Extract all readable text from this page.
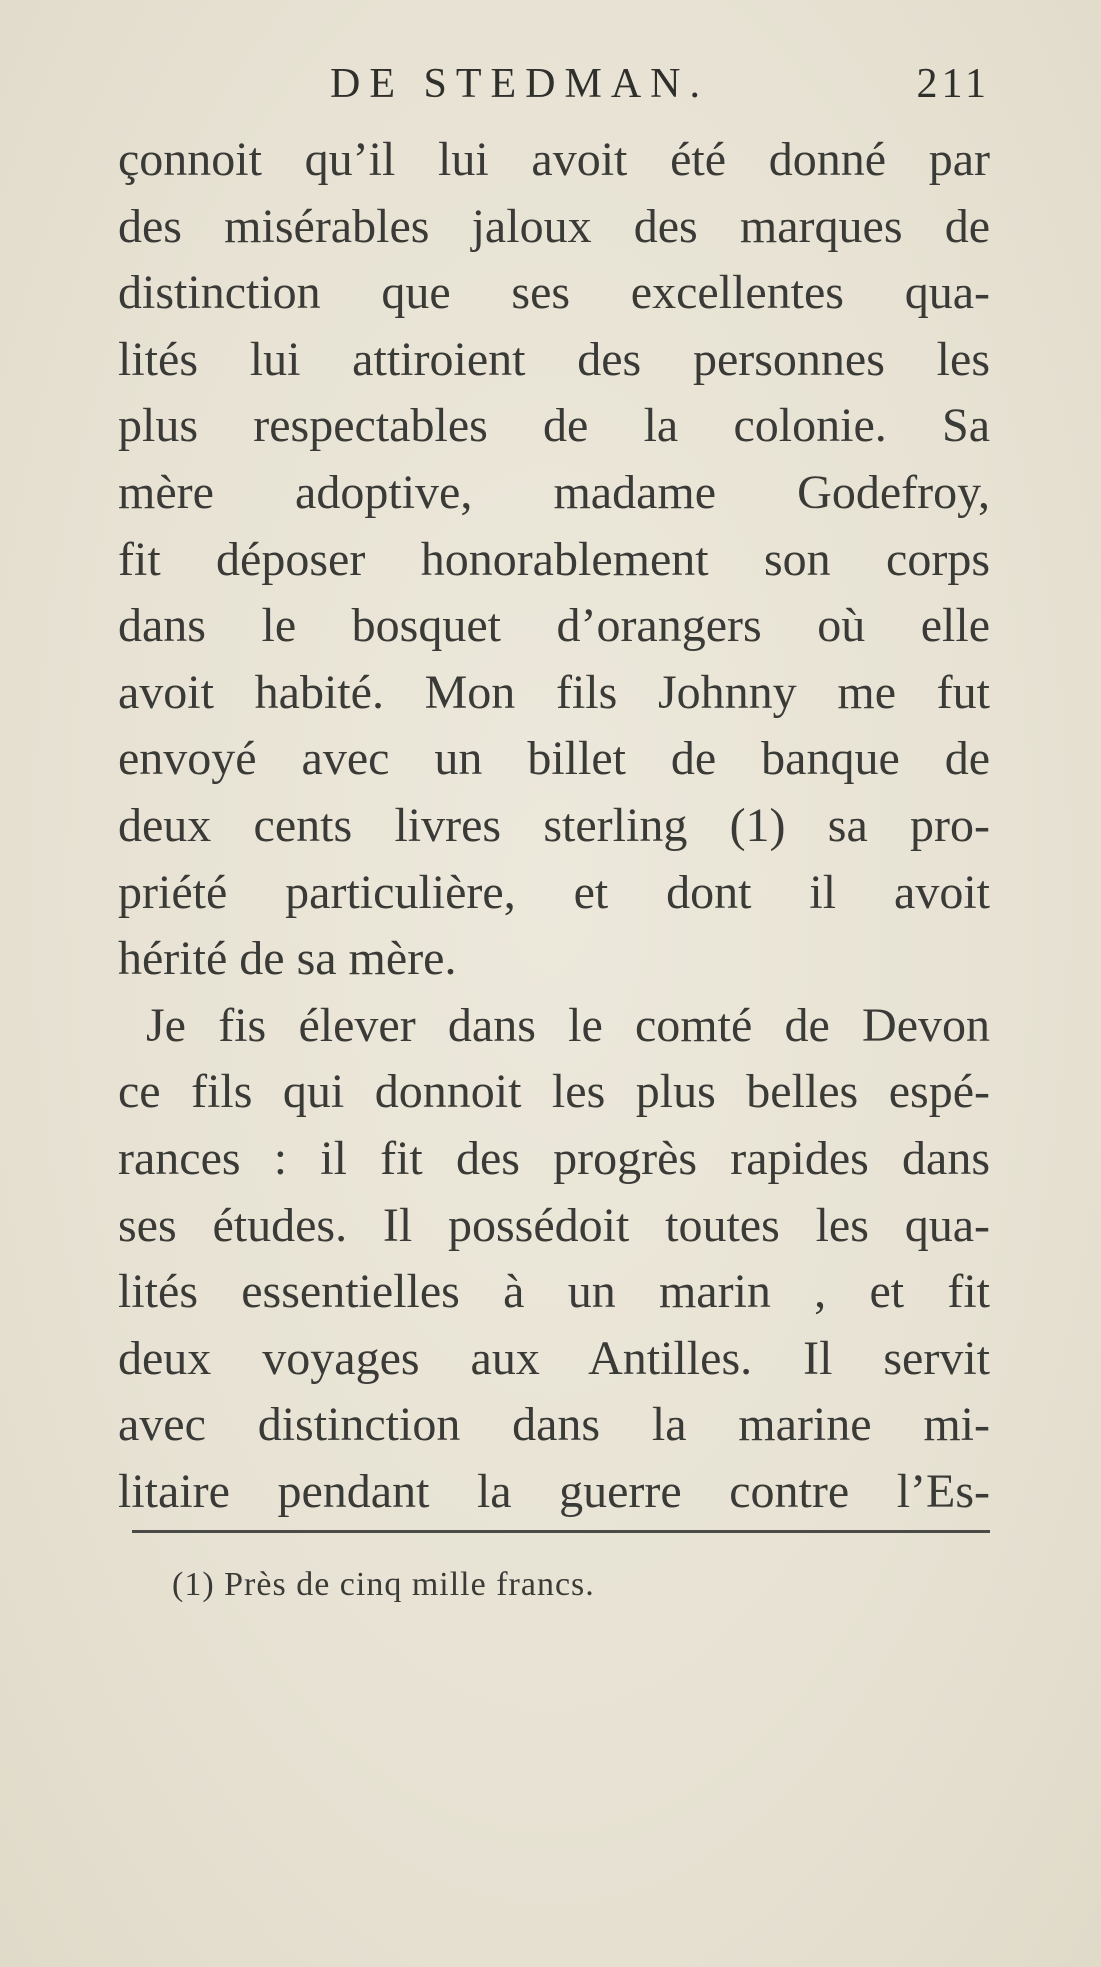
DE STEDMAN.	211
çonnoit qu’il lui avoit été donné par
des misérables jaloux des marques de
distinction que ses excellentes qua-
lités lui attiroient des personnes les
plus respectables de la colonie. Sa
mère adoptive, madame Godefroy,
fit déposer honorablement son corps
dans le bosquet d’orangers où elle
avoit habité. Mon fils Johnny me fut
envoyé avec un billet de banque de
deux cents livres sterling (1) sa pro-
priété particulière, et dont il avoit
hérité de sa mère.
Je fis élever dans le comté de Devon
ce fils qui donnoit les plus belles espé-
rances : il fit des progrès rapides dans
ses études. Il possédoit toutes les qua-
lités essentielles à un marin , et fit
deux voyages aux Antilles. Il servit
avec distinction dans la marine mi-
litaire pendant la guerre contre l’Es-
(1) Près de cinq mille francs.
